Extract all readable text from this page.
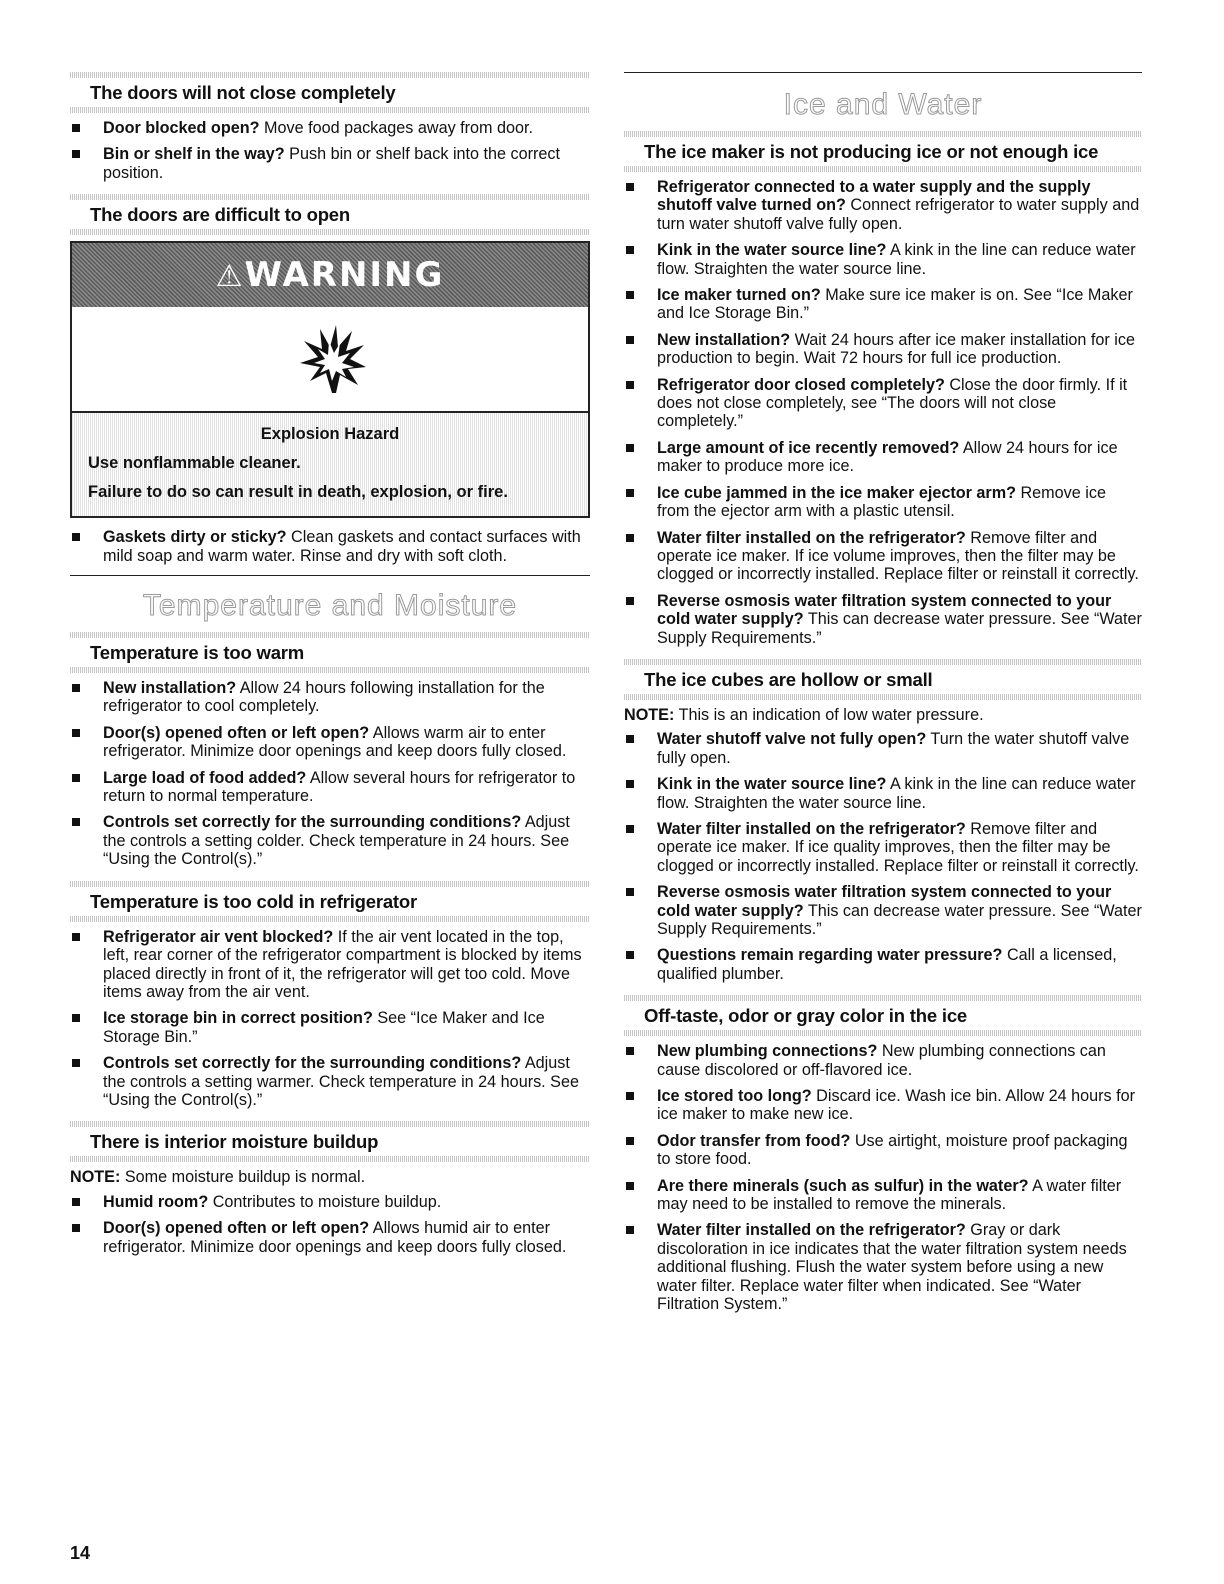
The doors will not close completely
Door blocked open? Move food packages away from door.
Bin or shelf in the way? Push bin or shelf back into the correct position.
The doors are difficult to open
⚠WARNING
Explosion Hazard
Use nonflammable cleaner.
Failure to do so can result in death, explosion, or fire.
Gaskets dirty or sticky? Clean gaskets and contact surfaces with mild soap and warm water. Rinse and dry with soft cloth.
Temperature and Moisture
Temperature is too warm
New installation? Allow 24 hours following installation for the refrigerator to cool completely.
Door(s) opened often or left open? Allows warm air to enter refrigerator. Minimize door openings and keep doors fully closed.
Large load of food added? Allow several hours for refrigerator to return to normal temperature.
Controls set correctly for the surrounding conditions? Adjust the controls a setting colder. Check temperature in 24 hours. See “Using the Control(s).”
Temperature is too cold in refrigerator
Refrigerator air vent blocked? If the air vent located in the top, left, rear corner of the refrigerator compartment is blocked by items placed directly in front of it, the refrigerator will get too cold. Move items away from the air vent.
Ice storage bin in correct position? See “Ice Maker and Ice Storage Bin.”
Controls set correctly for the surrounding conditions? Adjust the controls a setting warmer. Check temperature in 24 hours. See “Using the Control(s).”
There is interior moisture buildup

NOTE: Some moisture buildup is normal.

Humid room? Contributes to moisture buildup.
Door(s) opened often or left open? Allows humid air to enter refrigerator. Minimize door openings and keep doors fully closed.
Ice and Water
The ice maker is not producing ice or not enough ice
Refrigerator connected to a water supply and the supply shutoff valve turned on? Connect refrigerator to water supply and turn water shutoff valve fully open.
Kink in the water source line? A kink in the line can reduce water flow. Straighten the water source line.
Ice maker turned on? Make sure ice maker is on. See “Ice Maker and Ice Storage Bin.”
New installation? Wait 24 hours after ice maker installation for ice production to begin. Wait 72 hours for full ice production.
Refrigerator door closed completely? Close the door firmly. If it does not close completely, see “The doors will not close completely.”
Large amount of ice recently removed? Allow 24 hours for ice maker to produce more ice.
Ice cube jammed in the ice maker ejector arm? Remove ice from the ejector arm with a plastic utensil.
Water filter installed on the refrigerator? Remove filter and operate ice maker. If ice volume improves, then the filter may be clogged or incorrectly installed. Replace filter or reinstall it correctly.
Reverse osmosis water filtration system connected to your cold water supply? This can decrease water pressure. See “Water Supply Requirements.”
The ice cubes are hollow or small

NOTE: This is an indication of low water pressure.

Water shutoff valve not fully open? Turn the water shutoff valve fully open.
Kink in the water source line? A kink in the line can reduce water flow. Straighten the water source line.
Water filter installed on the refrigerator? Remove filter and operate ice maker. If ice quality improves, then the filter may be clogged or incorrectly installed. Replace filter or reinstall it correctly.
Reverse osmosis water filtration system connected to your cold water supply? This can decrease water pressure. See “Water Supply Requirements.”
Questions remain regarding water pressure? Call a licensed, qualified plumber.
Off-taste, odor or gray color in the ice
New plumbing connections? New plumbing connections can cause discolored or off-flavored ice.
Ice stored too long? Discard ice. Wash ice bin. Allow 24 hours for ice maker to make new ice.
Odor transfer from food? Use airtight, moisture proof packaging to store food.
Are there minerals (such as sulfur) in the water? A water filter may need to be installed to remove the minerals.
Water filter installed on the refrigerator? Gray or dark discoloration in ice indicates that the water filtration system needs additional flushing. Flush the water system before using a new water filter. Replace water filter when indicated. See “Water Filtration System.”
14
